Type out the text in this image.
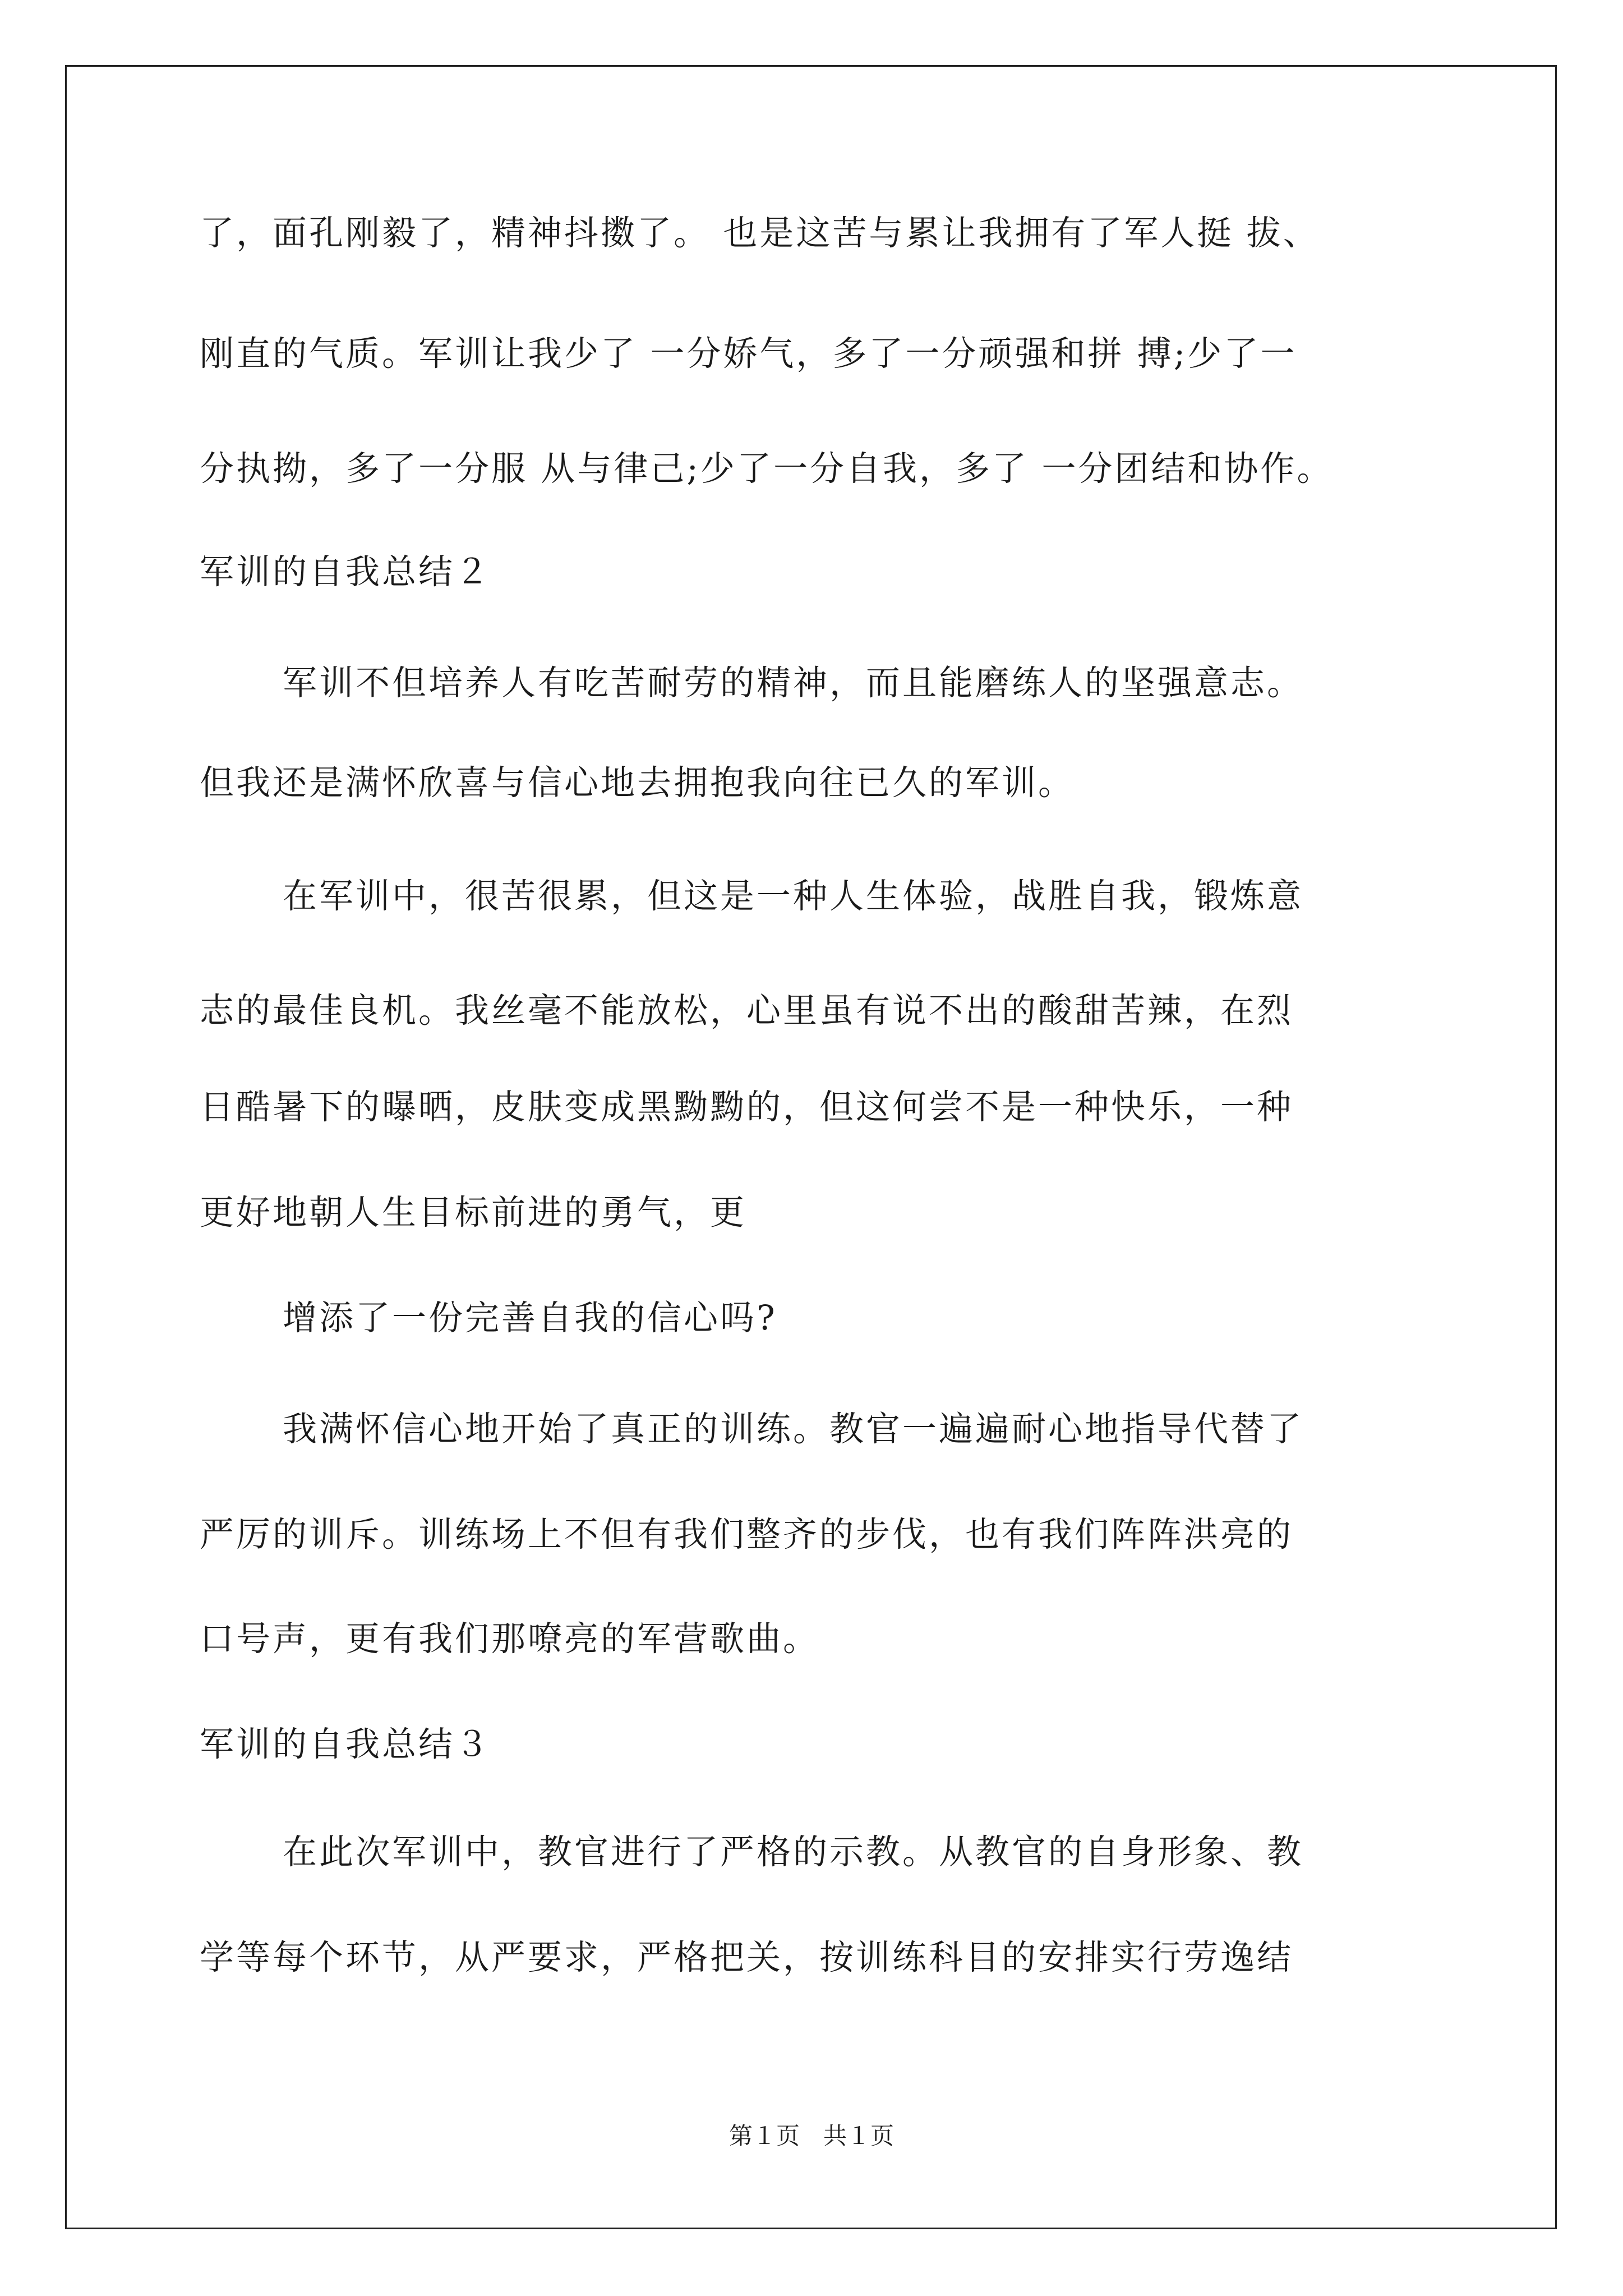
了，面孔刚毅了，精神抖擞了。 也是这苦与累让我拥有了军人挺 拔、
刚直的气质。军训让我少了 一分娇气，多了一分顽强和拼 搏;少了一
分执拗，多了一分服 从与律己;少了一分自我，多了 一分团结和协作。
军训的自我总结２
军训不但培养人有吃苦耐劳的精神，而且能磨练人的坚强意志。
但我还是满怀欣喜与信心地去拥抱我向往已久的军训。
在军训中，很苦很累，但这是一种人生体验，战胜自我，锻炼意
志的最佳良机。我丝毫不能放松，心里虽有说不出的酸甜苦辣，在烈
日酷暑下的曝晒，皮肤变成黑黝黝的，但这何尝不是一种快乐，一种
更好地朝人生目标前进的勇气，更
增添了一份完善自我的信心吗?
我满怀信心地开始了真正的训练。教官一遍遍耐心地指导代替了
严厉的训斥。训练场上不但有我们整齐的步伐，也有我们阵阵洪亮的
口号声，更有我们那嘹亮的军营歌曲。
军训的自我总结３
在此次军训中，教官进行了严格的示教。从教官的自身形象、教
学等每个环节，从严要求，严格把关，按训练科目的安排实行劳逸结
第１页　共１页
